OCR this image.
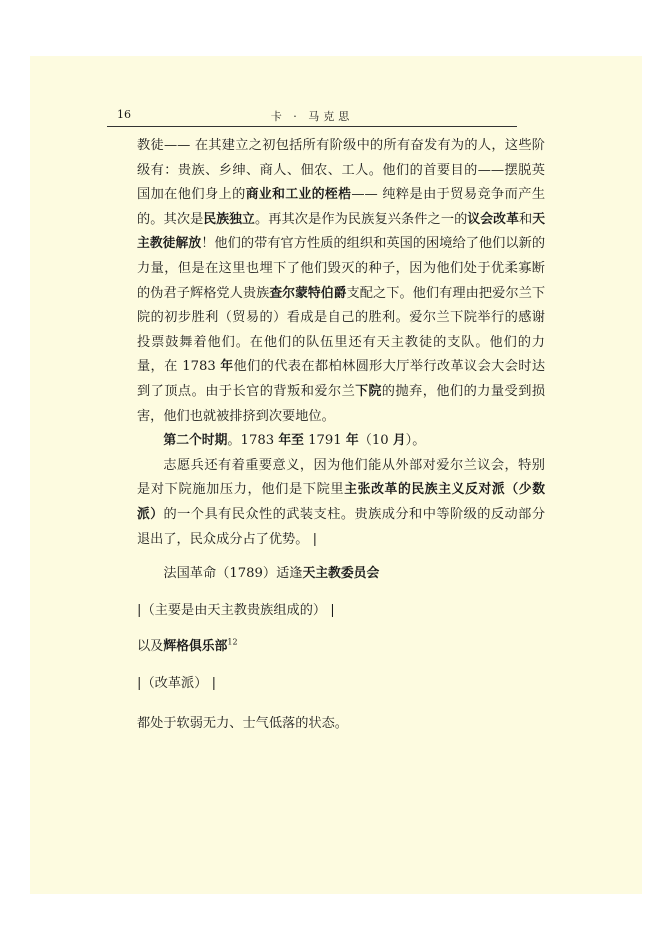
16	卡 · 马克思

教徒—— 在其建立之初包括所有阶级中的所有奋发有为的人，这些阶级有：贵族、乡绅、商人、佃农、工人。他们的首要目的——摆脱英国加在他们身上的商业和工业的桎梏—— 纯粹是由于贸易竞争而产生的。其次是民族独立。再其次是作为民族复兴条件之一的议会改革和天主教徒解放！他们的带有官方性质的组织和英国的困境给了他们以新的力量，但是在这里也埋下了他们毁灭的种子，因为他们处于优柔寡断的伪君子辉格党人贵族查尔蒙特伯爵支配之下。他们有理由把爱尔兰下院的初步胜利（贸易的）看成是自己的胜利。爱尔兰下院举行的感谢投票鼓舞着他们。在他们的队伍里还有天主教徒的支队。他们的力量，在 1783 年他们的代表在都柏林圆形大厅举行改革议会大会时达到了顶点。由于长官的背叛和爱尔兰下院的抛弃，他们的力量受到损害，他们也就被排挤到次要地位。

第二个时期。1783 年至 1791 年（10 月）。

志愿兵还有着重要意义，因为他们能从外部对爱尔兰议会，特别是对下院施加压力，他们是下院里主张改革的民族主义反对派（少数派）的一个具有民众性的武装支柱。贵族成分和中等阶级的反动部分退出了，民众成分占了优势。 |

法国革命（1789）适逢天主教委员会

|（主要是由天主教贵族组成的） |

以及辉格俱乐部$^{12}$

|（改革派） |

都处于软弱无力、士气低落的状态。
